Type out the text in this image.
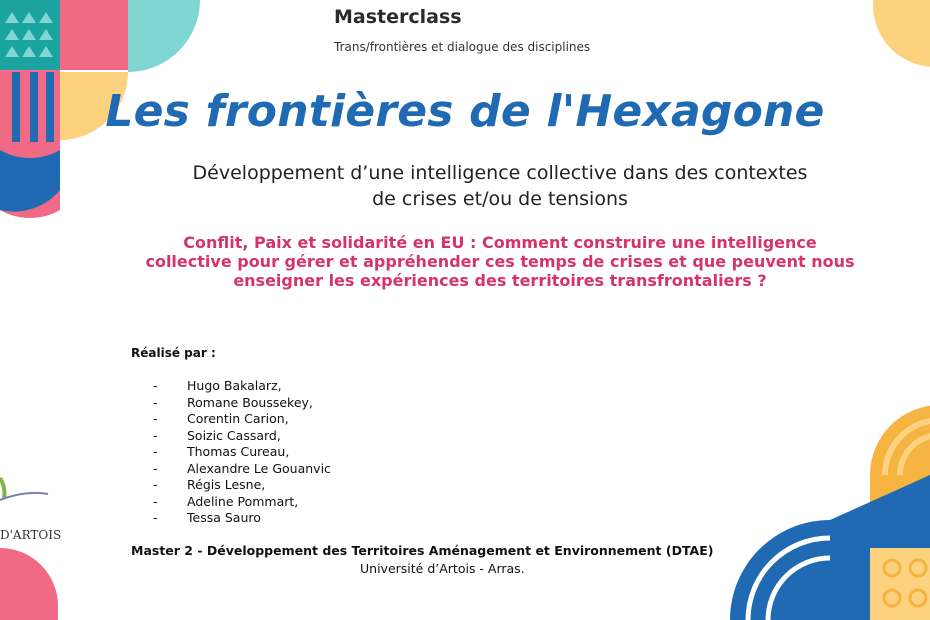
Masterclass
Trans/frontières et dialogue des disciplines
Les frontières de l'Hexagone
Développement d’une intelligence collective dans des contextes
de crises et/ou de tensions
Conflit, Paix et solidarité en EU : Comment construire une intelligence
collective pour gérer et appréhender ces temps de crises et que peuvent nous
enseigner les expériences des territoires transfrontaliers ?
Réalisé par :
-	Hugo Bakalarz,
-	Romane Boussekey,
-	Corentin Carion,
-	Soizic Cassard,
-	Thomas Cureau,
-	Alexandre Le Gouanvic
-	Régis Lesne,
-	Adeline Pommart,
-	Tessa Sauro
Master 2 - Développement des Territoires Aménagement et Environnement (DTAE)
Université d’Artois - Arras.
D'ARTOIS
